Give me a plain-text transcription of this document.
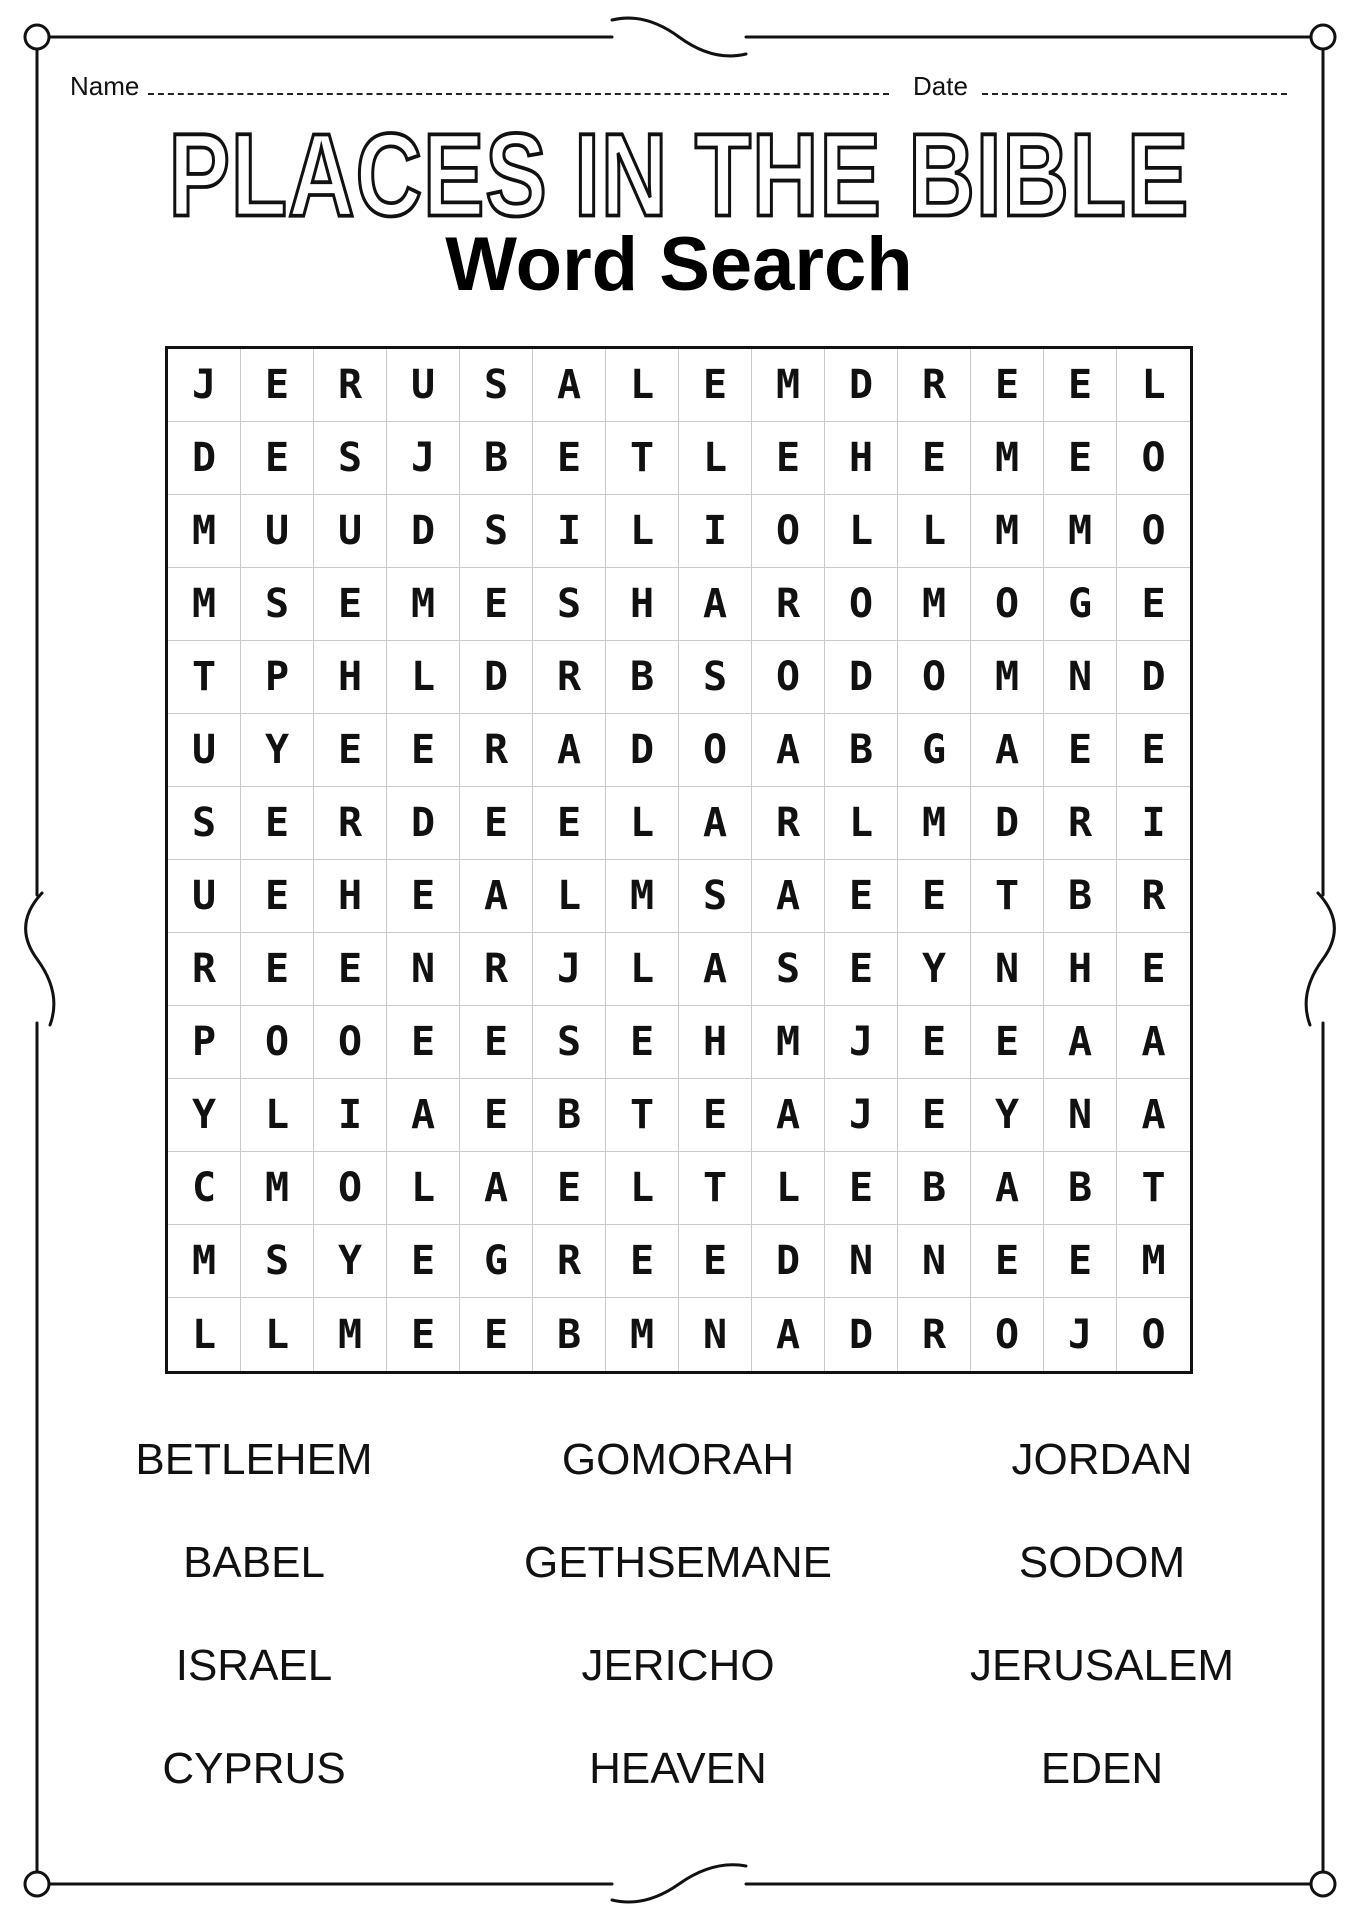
Name	Date
PLACES IN THE BIBLE
Word Search
J	E	R	U	S	A	L	E	M	D	R	E	E	L
D	E	S	J	B	E	T	L	E	H	E	M	E	O
M	U	U	D	S	I	L	I	O	L	L	M	M	O
M	S	E	M	E	S	H	A	R	O	M	O	G	E
T	P	H	L	D	R	B	S	O	D	O	M	N	D
U	Y	E	E	R	A	D	O	A	B	G	A	E	E
S	E	R	D	E	E	L	A	R	L	M	D	R	I
U	E	H	E	A	L	M	S	A	E	E	T	B	R
R	E	E	N	R	J	L	A	S	E	Y	N	H	E
P	O	O	E	E	S	E	H	M	J	E	E	A	A
Y	L	I	A	E	B	T	E	A	J	E	Y	N	A
C	M	O	L	A	E	L	T	L	E	B	A	B	T
M	S	Y	E	G	R	E	E	D	N	N	E	E	M
L	L	M	E	E	B	M	N	A	D	R	O	J	O
BETLEHEM
BABEL
ISRAEL
CYPRUS
GOMORAH
GETHSEMANE
JERICHO
HEAVEN
JORDAN
SODOM
JERUSALEM
EDEN
